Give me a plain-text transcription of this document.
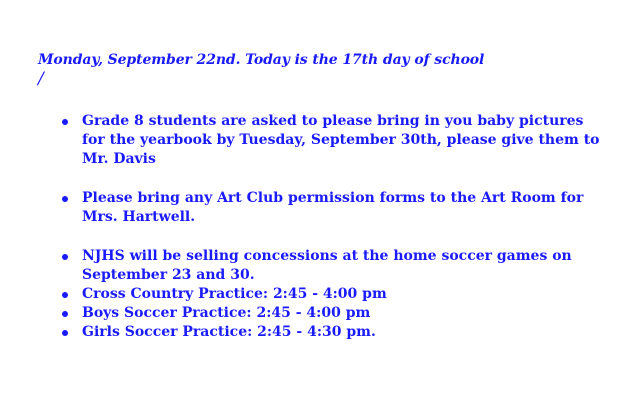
Monday, September 22nd. Today is the 17th day of school
/
Grade 8 students are asked to please bring in you baby pictures for the yearbook by Tuesday, September 30th, please give them to Mr. Davis
Please bring any Art Club permission forms to the Art Room for Mrs. Hartwell.
NJHS will be selling concessions at the home soccer games on September 23 and 30.
Cross Country Practice: 2:45 - 4:00 pm
Boys Soccer Practice: 2:45 - 4:00 pm
Girls Soccer Practice: 2:45 - 4:30 pm.
